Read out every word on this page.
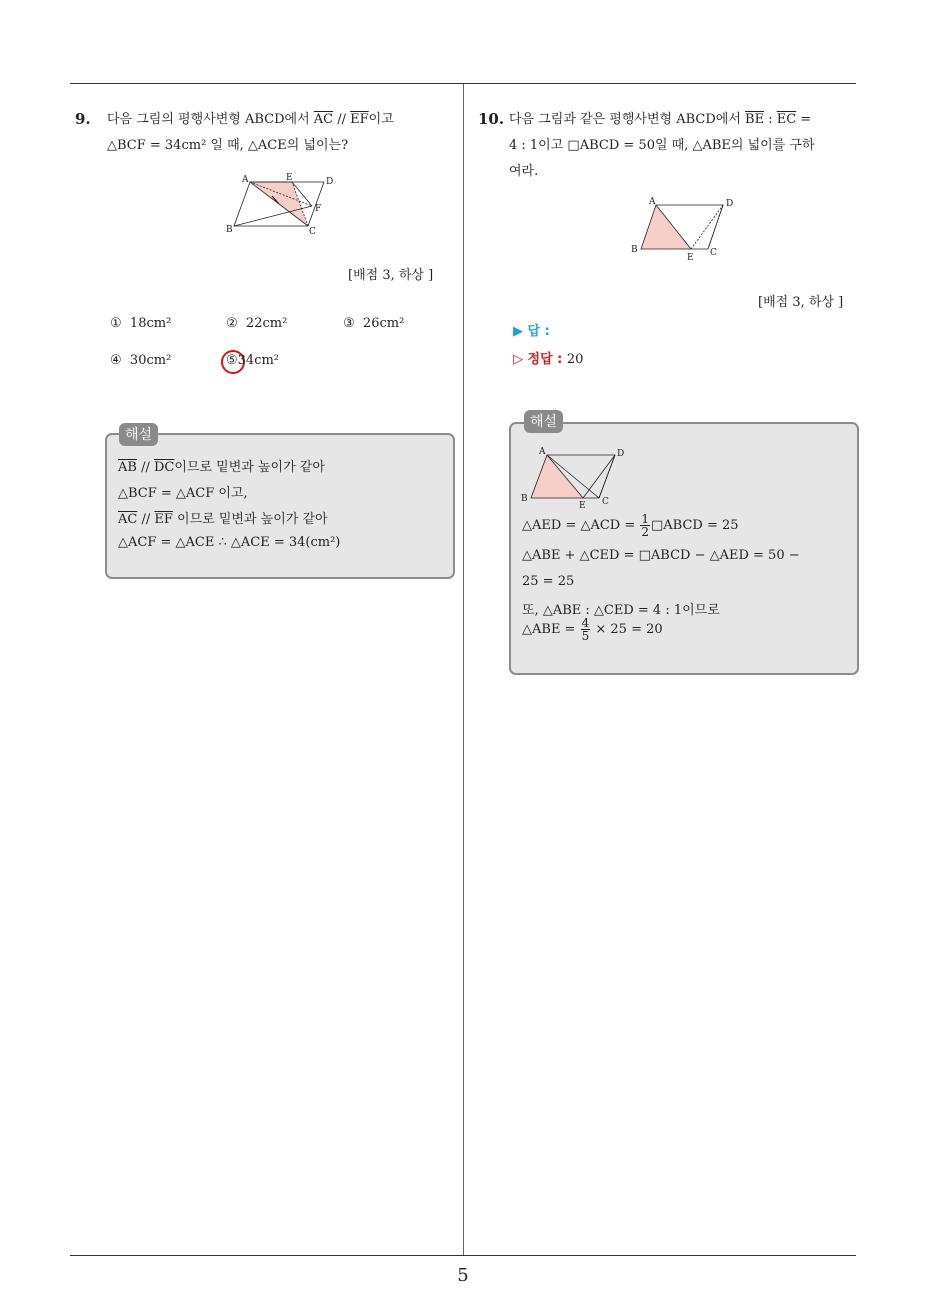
5
9. 다음 그림의 평행사변형 ABCD에서 $\overline{AC} // \overline{EF}$이고
△BCF = 34cm² 일 때, △ACE의 넓이는?
A	E	D
F
B	C
[배점 3, 하상 ]
① 18cm²	② 22cm²	③ 26cm²
④ 30cm²	⑤34cm²
해설
$\overline{AB} // \overline{DC}$이므로 밑변과 높이가 같아
△BCF = △ACF 이고,
$\overline{AC} // \overline{EF}$ 이므로 밑변과 높이가 같아
△ACF = △ACE ∴ △ACE = 34(cm²)
10. 다음 그림과 같은 평행사변형 ABCD에서 $\overline{BE}$ : $\overline{EC}$ =
4 : 1이고 □ABCD = 50일 때, △ABE의 넓이를 구하
여라.
A	D
B
E C
[배점 3, 하상 ]
▶ 답 :
▷ 정답 : 20
해설
A	D
B
E C
△AED = △ACD = $\frac{1}{2}$ □ABCD = 25
△ABE + △CED = □ABCD − △AED = 50 −
25 = 25
또, △ABE : △CED = 4 : 1이므로
△ABE = $\frac{4}{5} \times 25 = 20$
